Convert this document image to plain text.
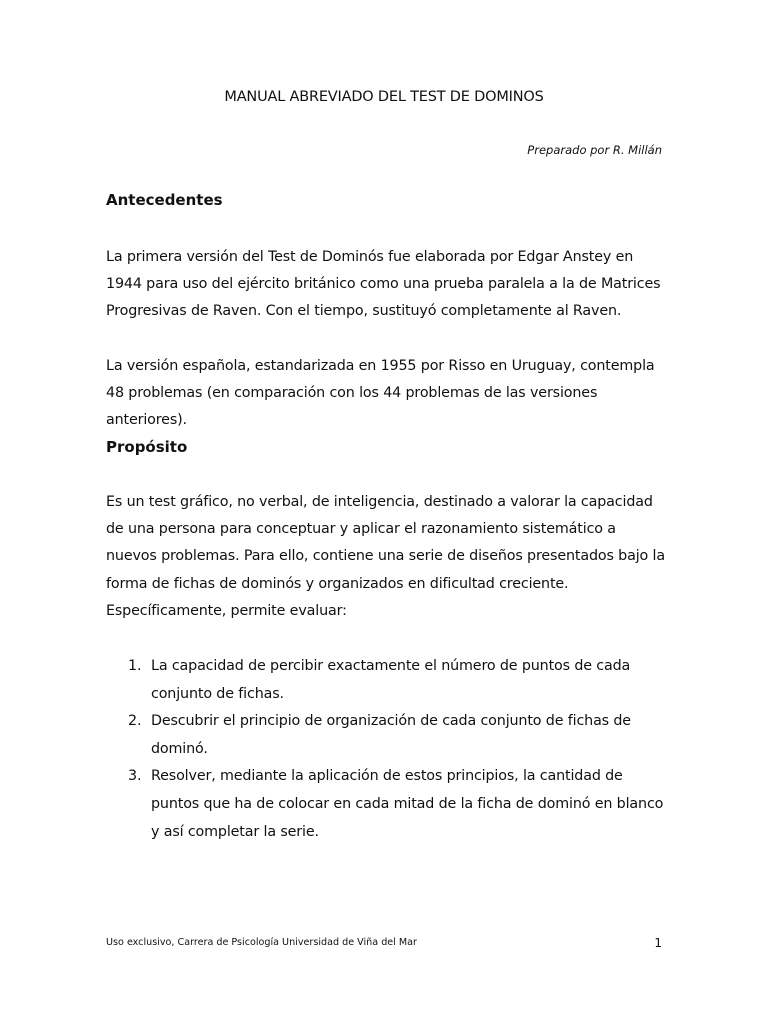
MANUAL ABREVIADO DEL TEST DE DOMINOS
Preparado por R. Millán
Antecedentes
La primera versión del Test de Dominós fue elaborada por Edgar Anstey en 1944 para uso del ejército británico como una prueba paralela a la de Matrices Progresivas de Raven. Con el tiempo, sustituyó completamente al Raven.
La versión española, estandarizada en 1955 por Risso en Uruguay, contempla 48 problemas (en comparación con los 44 problemas de las versiones anteriores).
Propósito
Es un test gráfico, no verbal, de inteligencia, destinado a valorar la capacidad de una persona para conceptuar y aplicar el razonamiento sistemático a nuevos problemas. Para ello, contiene una serie de diseños presentados bajo la forma de fichas de dominós y organizados en dificultad creciente. Específicamente, permite evaluar:
1. La capacidad de percibir exactamente el número de puntos de cada conjunto de fichas.
2. Descubrir el principio de organización de cada conjunto de fichas de dominó.
3. Resolver, mediante la aplicación de estos principios, la cantidad de puntos que ha de colocar en cada mitad de la ficha de dominó en blanco y así completar la serie.
Uso exclusivo, Carrera de Psicología Universidad de Viña del Mar	1
